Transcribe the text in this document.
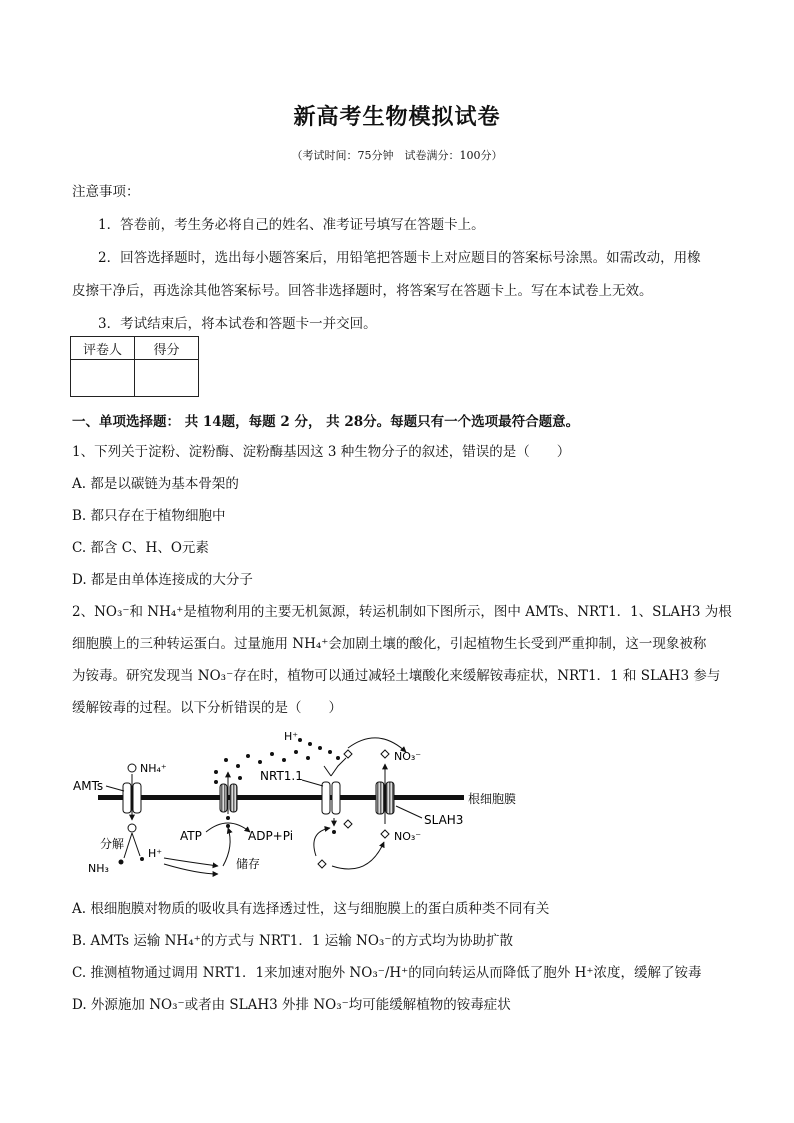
新高考生物模拟试卷
（考试时间：75分钟　试卷满分：100分）
注意事项：
1．答卷前，考生务必将自己的姓名、准考证号填写在答题卡上。
2．回答选择题时，选出每小题答案后，用铅笔把答题卡上对应题目的答案标号涂黑。如需改动，用橡
皮擦干净后，再选涂其他答案标号。回答非选择题时，将答案写在答题卡上。写在本试卷上无效。
3．考试结束后，将本试卷和答题卡一并交回。
评卷人	得分

一、单项选择题： 共 14题，每题 2 分， 共 28分。每题只有一个选项最符合题意。
1、下列关于淀粉、淀粉酶、淀粉酶基因这 3 种生物分子的叙述，错误的是（　　）
A. 都是以碳链为基本骨架的
B. 都只存在于植物细胞中
C. 都含 C、H、O元素
D. 都是由单体连接成的大分子
2、NO₃⁻和 NH₄⁺是植物利用的主要无机氮源，转运机制如下图所示，图中 AMTs、NRT1．1、SLAH3 为根
细胞膜上的三种转运蛋白。过量施用 NH₄⁺会加剧土壤的酸化，引起植物生长受到严重抑制，这一现象被称
为铵毒。研究发现当 NO₃⁻存在时，植物可以通过减轻土壤酸化来缓解铵毒症状，NRT1．1 和 SLAH3 参与
缓解铵毒的过程。以下分析错误的是（　　）
根细胞膜
AMTs
NH₄⁺
分解
NH₃
H⁺
ATP	ADP+Pi
储存
H⁺
NRT1.1
SLAH3
NO₃⁻
NO₃⁻
A. 根细胞膜对物质的吸收具有选择透过性，这与细胞膜上的蛋白质种类不同有关
B. AMTs 运输 NH₄⁺的方式与 NRT1．1 运输 NO₃⁻的方式均为协助扩散
C. 推测植物通过调用 NRT1．1来加速对胞外 NO₃⁻/H⁺的同向转运从而降低了胞外 H⁺浓度，缓解了铵毒
D. 外源施加 NO₃⁻或者由 SLAH3 外排 NO₃⁻均可能缓解植物的铵毒症状
